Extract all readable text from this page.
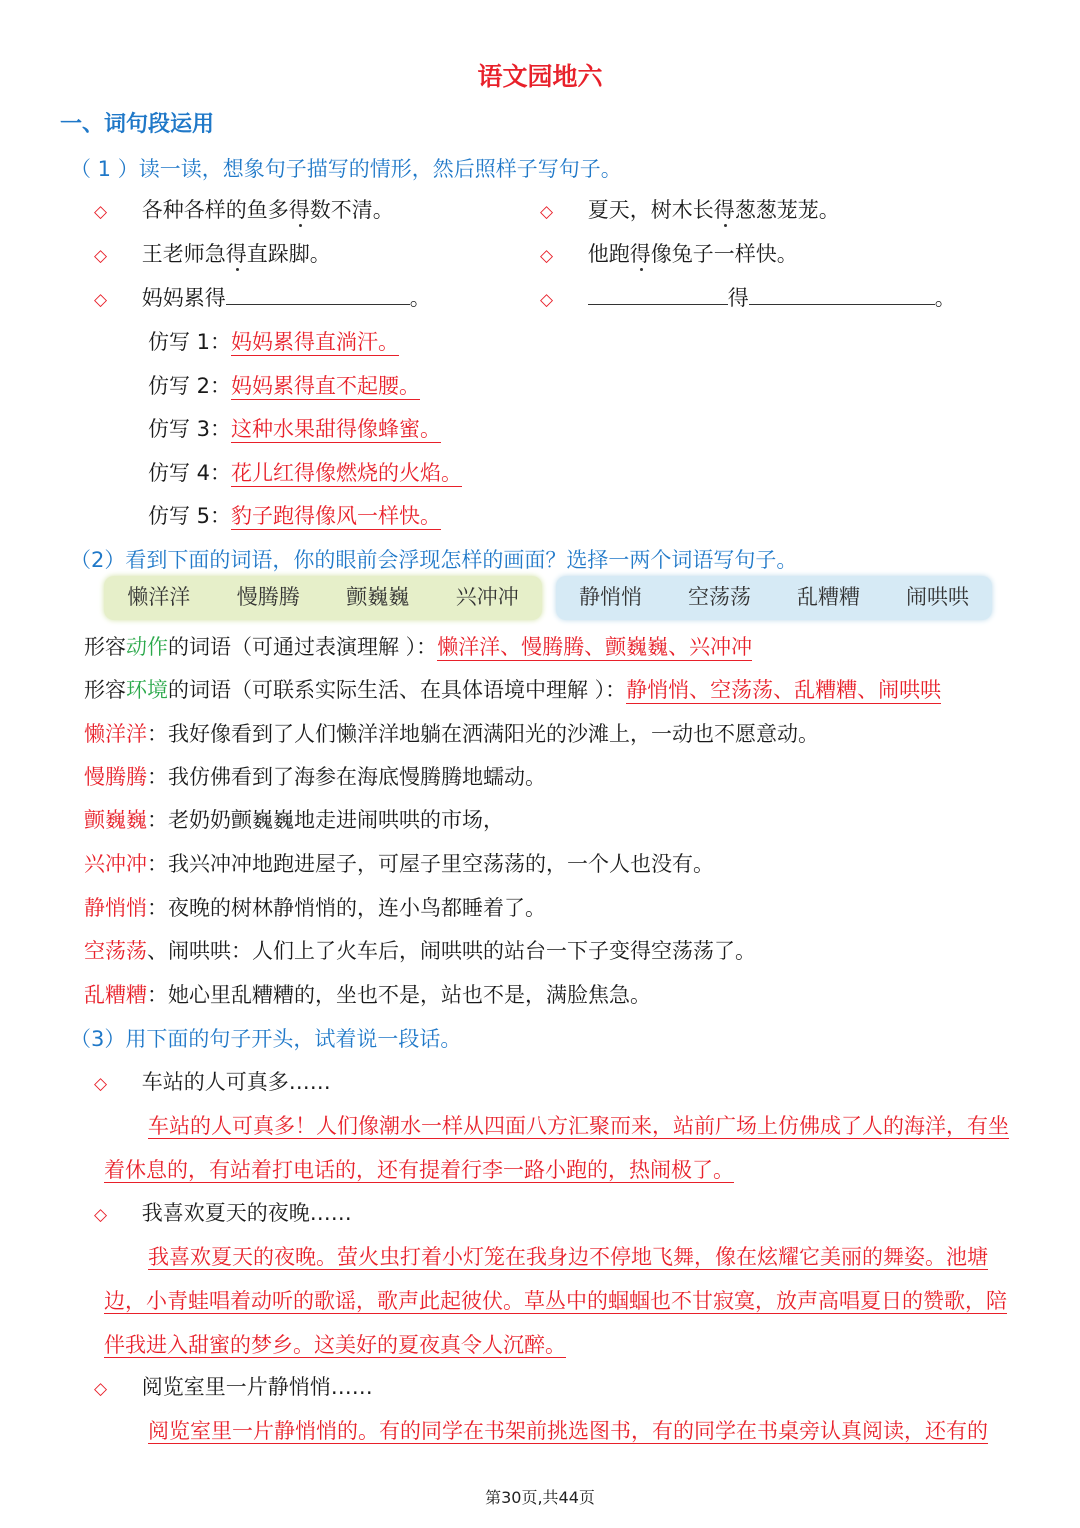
语文园地六
一、词句段运用
（ 1 ）读一读，想象句子描写的情形，然后照样子写句子。
◇ 各种各样的鱼多得数不清。
◇ 王老师急得直跺脚。
◇ 妈妈累得	。
◇ 夏天，树木长得葱葱茏茏。
◇ 他跑得像兔子一样快。
◇	得	。
仿写 1：妈妈累得直淌汗。
仿写 2：妈妈累得直不起腰。
仿写 3：这种水果甜得像蜂蜜。
仿写 4：花儿红得像燃烧的火焰。
仿写 5：豹子跑得像风一样快。
（2）看到下面的词语，你的眼前会浮现怎样的画面？选择一两个词语写句子。
懒洋洋 慢腾腾 颤巍巍 兴冲冲	静悄悄 空荡荡 乱糟糟 闹哄哄
形容动作的词语（可通过表演理解 ）：懒洋洋、慢腾腾、颤巍巍、兴冲冲
形容环境的词语（可联系实际生活、在具体语境中理解 ）：静悄悄、空荡荡、乱糟糟、闹哄哄
懒洋洋：我好像看到了人们懒洋洋地躺在洒满阳光的沙滩上，一动也不愿意动。
慢腾腾：我仿佛看到了海参在海底慢腾腾地蠕动。
颤巍巍：老奶奶颤巍巍地走进闹哄哄的市场，
兴冲冲：我兴冲冲地跑进屋子，可屋子里空荡荡的，一个人也没有。
静悄悄：夜晚的树林静悄悄的，连小鸟都睡着了。
空荡荡、闹哄哄：人们上了火车后，闹哄哄的站台一下子变得空荡荡了。
乱糟糟：她心里乱糟糟的，坐也不是，站也不是，满脸焦急。
（3）用下面的句子开头，试着说一段话。
◇ 车站的人可真多……
车站的人可真多！人们像潮水一样从四面八方汇聚而来，站前广场上仿佛成了人的海洋，有坐着休息的，有站着打电话的，还有提着行李一路小跑的，热闹极了。
◇ 我喜欢夏天的夜晚……
我喜欢夏天的夜晚。萤火虫打着小灯笼在我身边不停地飞舞，像在炫耀它美丽的舞姿。池塘边，小青蛙唱着动听的歌谣，歌声此起彼伏。草丛中的蝈蝈也不甘寂寞，放声高唱夏日的赞歌，陪伴我进入甜蜜的梦乡。这美好的夏夜真令人沉醉。
◇ 阅览室里一片静悄悄……
阅览室里一片静悄悄的。有的同学在书架前挑选图书，有的同学在书桌旁认真阅读，还有的
第30页,共44页
